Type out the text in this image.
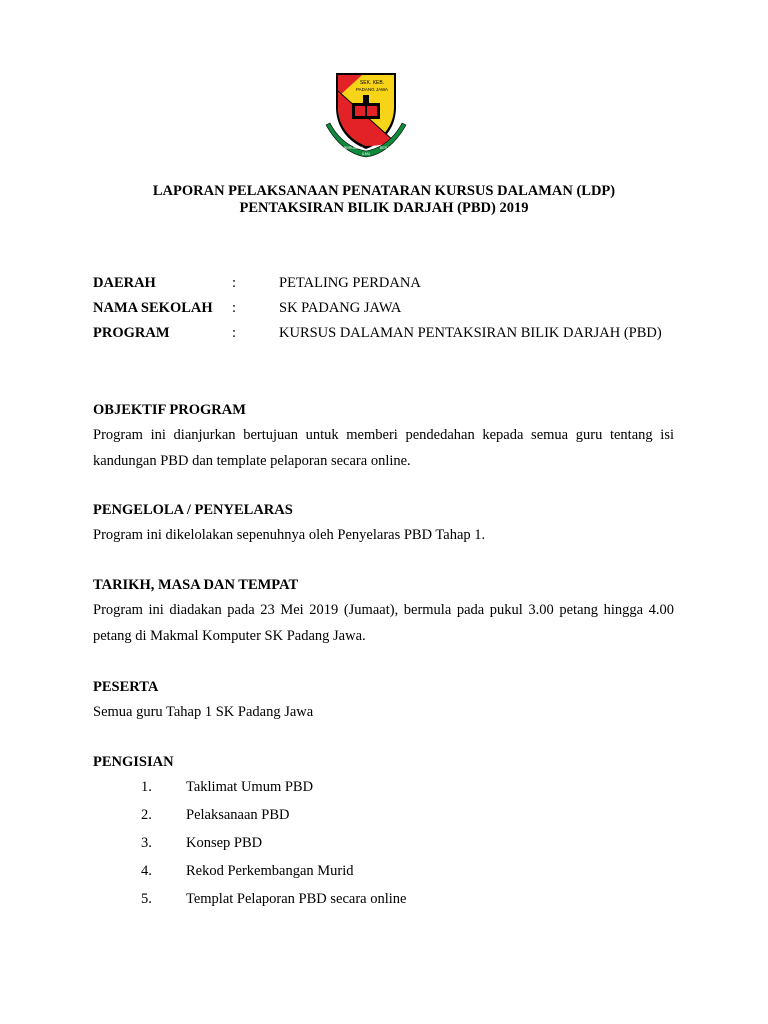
SEK. KEB.
PADANG JAWA
BERUSAHA
ILMU
BERJAYA
LAPORAN PELAKSANAAN PENATARAN KURSUS DALAMAN (LDP)
PENTAKSIRAN BILIK DARJAH (PBD) 2019
DAERAH	:	PETALING PERDANA
NAMA SEKOLAH :	SK PADANG JAWA
PROGRAM	:	KURSUS DALAMAN PENTAKSIRAN BILIK DARJAH (PBD)
OBJEKTIF PROGRAM
Program ini dianjurkan bertujuan untuk memberi pendedahan kepada semua guru tentang isi kandungan PBD dan template pelaporan secara online.
PENGELOLA / PENYELARAS
Program ini dikelolakan sepenuhnya oleh Penyelaras PBD Tahap 1.
TARIKH, MASA DAN TEMPAT
Program ini diadakan pada 23 Mei 2019 (Jumaat), bermula pada pukul 3.00 petang hingga 4.00 petang di Makmal Komputer SK Padang Jawa.
PESERTA
Semua guru Tahap 1 SK Padang Jawa
PENGISIAN
1. Taklimat Umum PBD
2. Pelaksanaan PBD
3. Konsep PBD
4. Rekod Perkembangan Murid
5. Templat Pelaporan PBD secara online
